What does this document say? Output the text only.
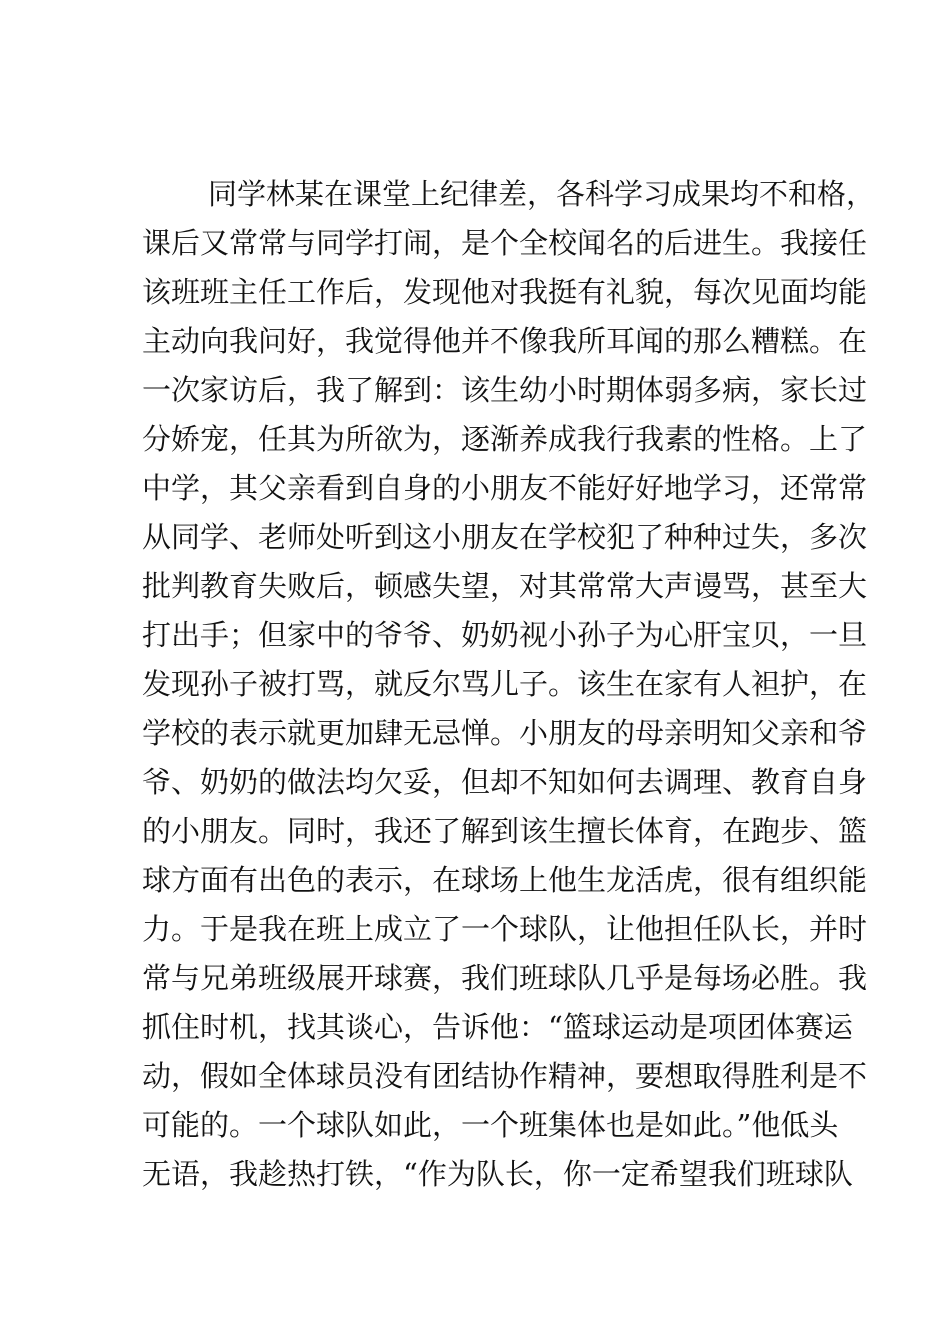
同学林某在课堂上纪律差，各科学习成果均不和格，
课后又常常与同学打闹，是个全校闻名的后进生。我接任
该班班主任工作后，发现他对我挺有礼貌，每次见面均能
主动向我问好，我觉得他并不像我所耳闻的那么糟糕。在
一次家访后，我了解到：该生幼小时期体弱多病，家长过
分娇宠，任其为所欲为，逐渐养成我行我素的性格。上了
中学，其父亲看到自身的小朋友不能好好地学习，还常常
从同学、老师处听到这小朋友在学校犯了种种过失，多次
批判教育失败后，顿感失望，对其常常大声谩骂，甚至大
打出手；但家中的爷爷、奶奶视小孙子为心肝宝贝，一旦
发现孙子被打骂，就反尔骂儿子。该生在家有人袒护，在
学校的表示就更加肆无忌惮。小朋友的母亲明知父亲和爷
爷、奶奶的做法均欠妥，但却不知如何去调理、教育自身
的小朋友。同时，我还了解到该生擅长体育，在跑步、篮
球方面有出色的表示，在球场上他生龙活虎，很有组织能
力。于是我在班上成立了一个球队，让他担任队长，并时
常与兄弟班级展开球赛，我们班球队几乎是每场必胜。我
抓住时机，找其谈心，告诉他：“篮球运动是项团体赛运
动，假如全体球员没有团结协作精神，要想取得胜利是不
可能的。一个球队如此，一个班集体也是如此。”他低头
无语，我趁热打铁，“作为队长，你一定希望我们班球队
